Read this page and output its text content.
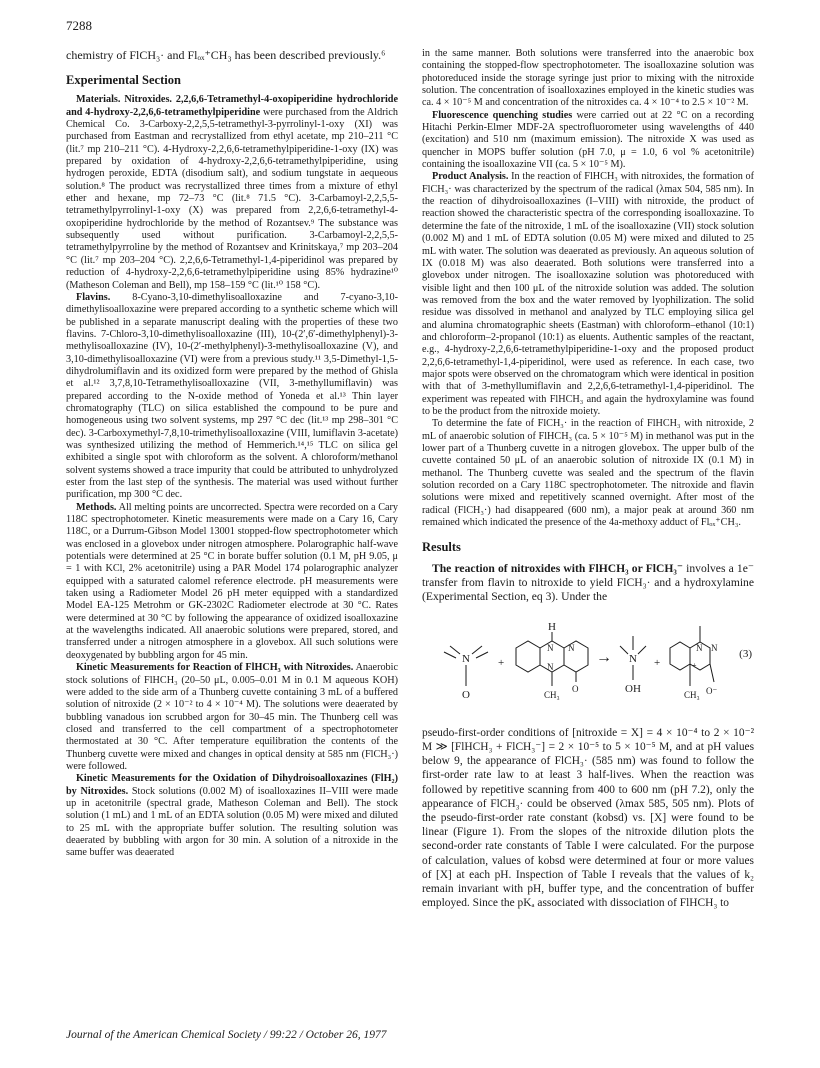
7288

chemistry of FlCH₃· and Flₒₓ⁺CH₃ has been described previously.⁶

Experimental Section

Materials. Nitroxides. 2,2,6,6-Tetramethyl-4-oxopiperidine hydrochloride and 4-hydroxy-2,2,6,6-tetramethylpiperidine were purchased from the Aldrich Chemical Co. 3-Carboxy-2,2,5,5-tetramethyl-3-pyrrolinyl-1-oxy (XI) was purchased from Eastman and recrystallized from ethyl acetate, mp 210–211 °C (lit.⁷ mp 210–211 °C). 4-Hydroxy-2,2,6,6-tetramethylpiperidine-1-oxy (IX) was prepared by oxidation of 4-hydroxy-2,2,6,6-tetramethylpiperidine, using hydrogen peroxide, EDTA (disodium salt), and sodium tungstate in aequeous solution.⁸ The product was recrystallized three times from a mixture of ethyl ether and hexane, mp 72–73 °C (lit.⁸ 71.5 °C). 3-Carbamoyl-2,2,5,5-tetramethylpyrrolinyl-1-oxy (X) was prepared from 2,2,6,6-tetramethyl-4-oxopiperidine hydrochloride by the method of Rozantsev.⁹ The substance was subsequently used without purification. 3-Carbamoyl-2,2,5,5-tetramethylpyrroline by the method of Rozantsev and Krinitskaya,⁷ mp 203–204 °C (lit.⁷ mp 203–204 °C). 2,2,6,6-Tetramethyl-1,4-piperidinol was prepared by reduction of 4-hydroxy-2,2,6,6-tetramethylpiperidine using 85% hydrazine¹⁰ (Matheson Coleman and Bell), mp 158–159 °C (lit.¹⁰ 158 °C).

Flavins. 8-Cyano-3,10-dimethylisoalloxazine and 7-cyano-3,10-dimethylisoalloxazine were prepared according to a synthetic scheme which will be published in a separate manuscript dealing with the properties of these two flavins. 7-Chloro-3,10-dimethylisoalloxazine (III), 10-(2′,6′-dimethylphenyl)-3-methylisoalloxazine (IV), 10-(2′-methylphenyl)-3-methylisoalloxazine (V), and 3,10-dimethylisoalloxazine (VI) were from a previous study.¹¹ 3,5-Dimethyl-1,5-dihydrolumiflavin and its oxidized form were prepared by the method of Ghisla et al.¹² 3,7,8,10-Tetramethylisoalloxazine (VII, 3-methyllumiflavin) was prepared according to the N-oxide method of Yoneda et al.¹³ Thin layer chromatography (TLC) on silica established the compound to be pure and homogeneous using two solvent systems, mp 297 °C dec (lit.¹³ mp 298–301 °C dec). 3-Carboxymethyl-7,8,10-trimethylisoalloxazine (VIII, lumiflavin 3-acetate) was synthesized utilizing the method of Hemmerich.¹⁴,¹⁵ TLC on silica gel exhibited a single spot with chloroform as the solvent. A chloroform/methanol solvent systems showed a trace impurity that could be attributed to unhydrolyzed ester from the last step of the synthesis. The material was used without further purification, mp 300 °C dec.

Methods. All melting points are uncorrected. Spectra were recorded on a Cary 118C spectrophotometer. Kinetic measurements were made on a Cary 16, Cary 118C, or a Durrum-Gibson Model 13001 stopped-flow spectrophotometer which was enclosed in a glovebox under nitrogen atmosphere. Polarographic half-wave potentials were determined at 25 °C in borate buffer solution (0.1 M, pH 9.05, μ = 1 with KCl, 2% acetonitrile) using a PAR Model 174 polarographic analyzer equipped with a saturated calomel reference electrode. pH measurements were taken using a Radiometer Model 26 pH meter equipped with a standardized Model EA-125 Metrohm or GK-2302C Radiometer electrode at 30 °C. Rates were determined at 30 °C by following the appearance of oxidized isoalloxazine at the wavelengths indicated. All anaerobic solutions were prepared, stored, and transferred under a nitrogen atmosphere in a glovebox. All such solutions were deoxygenated by bubbling argon for 45 min.

Kinetic Measurements for Reaction of FlHCH₃ with Nitroxides. Anaerobic stock solutions of FlHCH₃ (20–50 μL, 0.005–0.01 M in 0.1 M aqueous KOH) were added to the side arm of a Thunberg cuvette containing 3 mL of a buffered solution of nitroxide (2 × 10⁻² to 4 × 10⁻⁴ M). The solutions were deaerated by bubbling vanadous ion scrubbed argon for 30–45 min. The Thunberg cell was closed and transferred to the cell compartment of a spectrophotometer thermostated at 30 °C. After temperature equilibration the contents of the Thunberg cuvette were mixed and changes in optical density at 585 nm (FlCH₃·) were followed.

Kinetic Measurements for the Oxidation of Dihydroisoalloxazines (FlH₂) by Nitroxides. Stock solutions (0.002 M) of isoalloxazines II–VIII were made up in acetonitrile (spectral grade, Matheson Coleman and Bell). The stock solution (1 mL) and 1 mL of an EDTA solution (0.05 M) were mixed and diluted to 25 mL with the appropriate buffer solution. The resulting solution was deaerated by bubbling with argon for 30 min. A solution of a nitroxide in the same buffer was deaerated

in the same manner. Both solutions were transferred into the anaerobic box containing the stopped-flow spectrophotometer. The isoalloxazine solution was photoreduced inside the storage syringe just prior to mixing with the nitroxide solution. The concentration of isoalloxazines employed in the kinetic studies was ca. 4 × 10⁻⁵ M and concentration of the nitroxides ca. 4 × 10⁻⁴ to 2.5 × 10⁻² M.

Fluorescence quenching studies were carried out at 22 °C on a recording Hitachi Perkin-Elmer MDF-2A spectrofluorometer using wavelengths of 440 (excitation) and 510 nm (maximum emission). The nitroxide X was used as quencher in MOPS buffer solution (pH 7.0, μ = 1.0, 6 vol % acetonitrile) containing the isoalloxazine VII (ca. 5 × 10⁻⁵ M).

Product Analysis. In the reaction of FlHCH₃ with nitroxides, the formation of FlCH₃· was characterized by the spectrum of the radical (λmax 504, 585 nm). In the reaction of dihydroisoalloxazines (I–VIII) with nitroxide, the product of reaction showed the characteristic spectra of the corresponding isoalloxazine. To determine the fate of the nitroxide, 1 mL of the isoalloxazine (VII) stock solution (0.002 M) and 1 mL of EDTA solution (0.05 M) were mixed and diluted to 25 mL with water. The solution was deaerated as previously. An aqueous solution of IX (0.018 M) was also deaerated. Both solutions were transferred into a glovebox under nitrogen. The isoalloxazine solution was photoreduced with visible light and then 100 μL of the nitroxide solution was added. The solution was removed from the box and the water removed by lyophilization. The solid residue was dissolved in methanol and analyzed by TLC employing silica gel and alumina chromatographic sheets (Eastman) with chloroform–ethanol (10:1) and chloroform–2-propanol (10:1) as eluents. Authentic samples of the reactant, e.g., 4-hydroxy-2,2,6,6-tetramethylpiperidine-1-oxy and the proposed product 2,2,6,6-tetramethyl-1,4-piperidinol, were used as reference. In each case, two major spots were observed on the chromatogram which were identical in position with that of 3-methyllumiflavin and 2,2,6,6-tetramethyl-1,4-piperidinol. The experiment was repeated with FlHCH₃ and again the hydroxylamine was found to be the product from the nitroxide moiety.

To determine the fate of FlCH₃· in the reaction of FlHCH₃ with nitroxide, 2 mL of anaerobic solution of FlHCH₃ (ca. 5 × 10⁻⁵ M) in methanol was put in the lower part of a Thunberg cuvette in a nitrogen glovebox. The upper bulb of the cuvette contained 50 μL of an anaerobic solution of nitroxide IX (0.1 M) in methanol. The Thunberg cuvette was sealed and the spectrum of the flavin solution recorded on a Cary 118C spectrophotometer. The nitroxide and flavin solutions were mixed and repetitively scanned overnight. After most of the radical (FlCH₃·) had disappeared (600 nm), a major peak at around 360 nm remained which indicated the presence of the 4a-methoxy adduct of Flₒₓ⁺CH₃.

Results

The reaction of nitroxides with FlHCH₃ or FlCH₃⁻ involves a 1e⁻ transfer from flavin to nitroxide to yield FlCH₃· and a hydroxylamine (Experimental Section, eq 3). Under the

N
O
+
H
N N
N
CH₃
O
→ N
OH
+
N N
+
CH₃ O⁻
(3)

pseudo-first-order conditions of [nitroxide = X] = 4 × 10⁻⁴ to 2 × 10⁻² M ≫ [FlHCH₃ + FlCH₃⁻] = 2 × 10⁻⁵ to 5 × 10⁻⁵ M, and at pH values below 9, the appearance of FlCH₃· (585 nm) was found to follow the first-order rate law to at least 3 half-lives. When the reaction was followed by repetitive scanning from 400 to 600 nm (pH 7.2), only the appearance of FlCH₃· could be observed (λmax 585, 505 nm). Plots of the pseudo-first-order rate constant (kobsd) vs. [X] were found to be linear (Figure 1). From the slopes of the nitroxide dilution plots the second-order rate constants of Table I were calculated. For the purpose of calculation, values of kobsd were determined at four or more values of [X] at each pH. Inspection of Table I reveals that the values of k₂ remain invariant with pH, buffer type, and the concentration of buffer employed. Since the pKₐ associated with dissociation of FlHCH₃ to

Journal of the American Chemical Society / 99:22 / October 26, 1977
